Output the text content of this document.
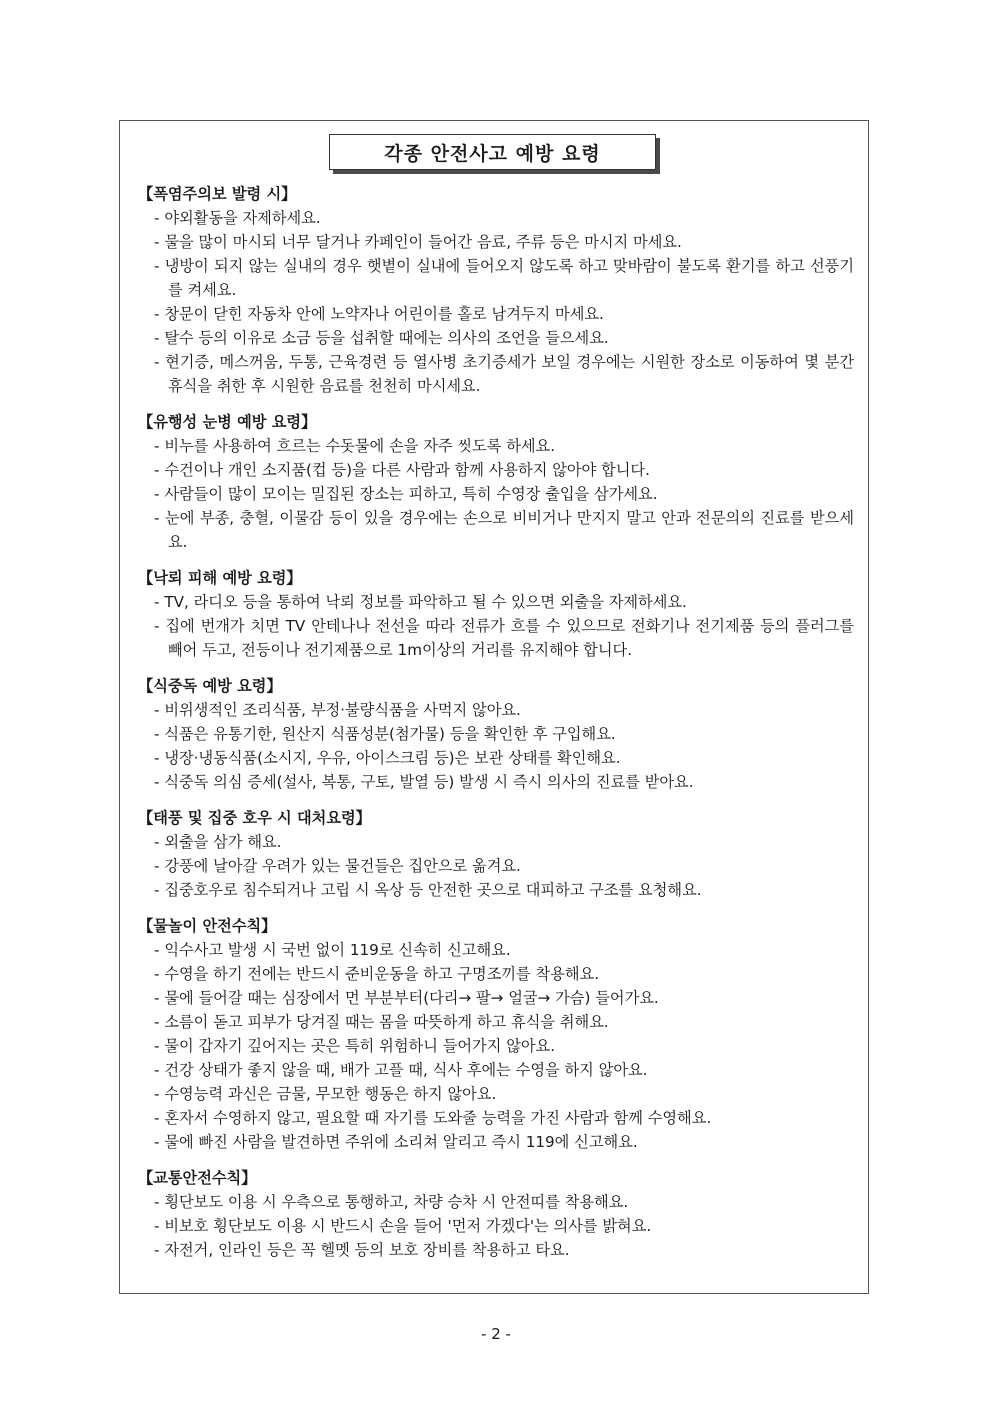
각종 안전사고 예방 요령
【폭염주의보 발령 시】
- 야외활동을 자제하세요.
- 물을 많이 마시되 너무 달거나 카페인이 들어간 음료, 주류 등은 마시지 마세요.
- 냉방이 되지 않는 실내의 경우 햇볕이 실내에 들어오지 않도록 하고 맞바람이 불도록 환기를 하고 선풍기를 켜세요.
- 창문이 닫힌 자동차 안에 노약자나 어린이를 홀로 남겨두지 마세요.
- 탈수 등의 이유로 소금 등을 섭취할 때에는 의사의 조언을 들으세요.
- 현기증, 메스꺼움, 두통, 근육경련 등 열사병 초기증세가 보일 경우에는 시원한 장소로 이동하여 몇 분간 휴식을 취한 후 시원한 음료를 천천히 마시세요.
【유행성 눈병 예방 요령】
- 비누를 사용하여 흐르는 수돗물에 손을 자주 씻도록 하세요.
- 수건이나 개인 소지품(컵 등)을 다른 사람과 함께 사용하지 않아야 합니다.
- 사람들이 많이 모이는 밀집된 장소는 피하고, 특히 수영장 출입을 삼가세요.
- 눈에 부종, 충혈, 이물감 등이 있을 경우에는 손으로 비비거나 만지지 말고 안과 전문의의 진료를 받으세요.
【낙뢰 피해 예방 요령】
- TV, 라디오 등을 통하여 낙뢰 정보를 파악하고 될 수 있으면 외출을 자제하세요.
- 집에 번개가 치면 TV 안테나나 전선을 따라 전류가 흐를 수 있으므로 전화기나 전기제품 등의 플러그를 빼어 두고, 전등이나 전기제품으로 1m이상의 거리를 유지해야 합니다.
【식중독 예방 요령】
- 비위생적인 조리식품, 부정·불량식품을 사먹지 않아요.
- 식품은 유통기한, 원산지 식품성분(첨가물) 등을 확인한 후 구입해요.
- 냉장·냉동식품(소시지, 우유, 아이스크림 등)은 보관 상태를 확인해요.
- 식중독 의심 증세(설사, 복통, 구토, 발열 등) 발생 시 즉시 의사의 진료를 받아요.
【태풍 및 집중 호우 시 대처요령】
- 외출을 삼가 해요.
- 강풍에 날아갈 우려가 있는 물건들은 집안으로 옮겨요.
- 집중호우로 침수되거나 고립 시 옥상 등 안전한 곳으로 대피하고 구조를 요청해요.
【물놀이 안전수칙】
- 익수사고 발생 시 국번 없이 119로 신속히 신고해요.
- 수영을 하기 전에는 반드시 준비운동을 하고 구명조끼를 착용해요.
- 물에 들어갈 때는 심장에서 먼 부분부터(다리→ 팔→ 얼굴→ 가슴) 들어가요.
- 소름이 돋고 피부가 당겨질 때는 몸을 따뜻하게 하고 휴식을 취해요.
- 물이 갑자기 깊어지는 곳은 특히 위험하니 들어가지 않아요.
- 건강 상태가 좋지 않을 때, 배가 고플 때, 식사 후에는 수영을 하지 않아요.
- 수영능력 과신은 금물, 무모한 행동은 하지 않아요.
- 혼자서 수영하지 않고, 필요할 때 자기를 도와줄 능력을 가진 사람과 함께 수영해요.
- 물에 빠진 사람을 발견하면 주위에 소리쳐 알리고 즉시 119에 신고해요.
【교통안전수칙】
- 횡단보도 이용 시 우측으로 통행하고, 차량 승차 시 안전띠를 착용해요.
- 비보호 횡단보도 이용 시 반드시 손을 들어 '먼저 가겠다'는 의사를 밝혀요.
- 자전거, 인라인 등은 꼭 헬멧 등의 보호 장비를 착용하고 타요.
- 2 -
